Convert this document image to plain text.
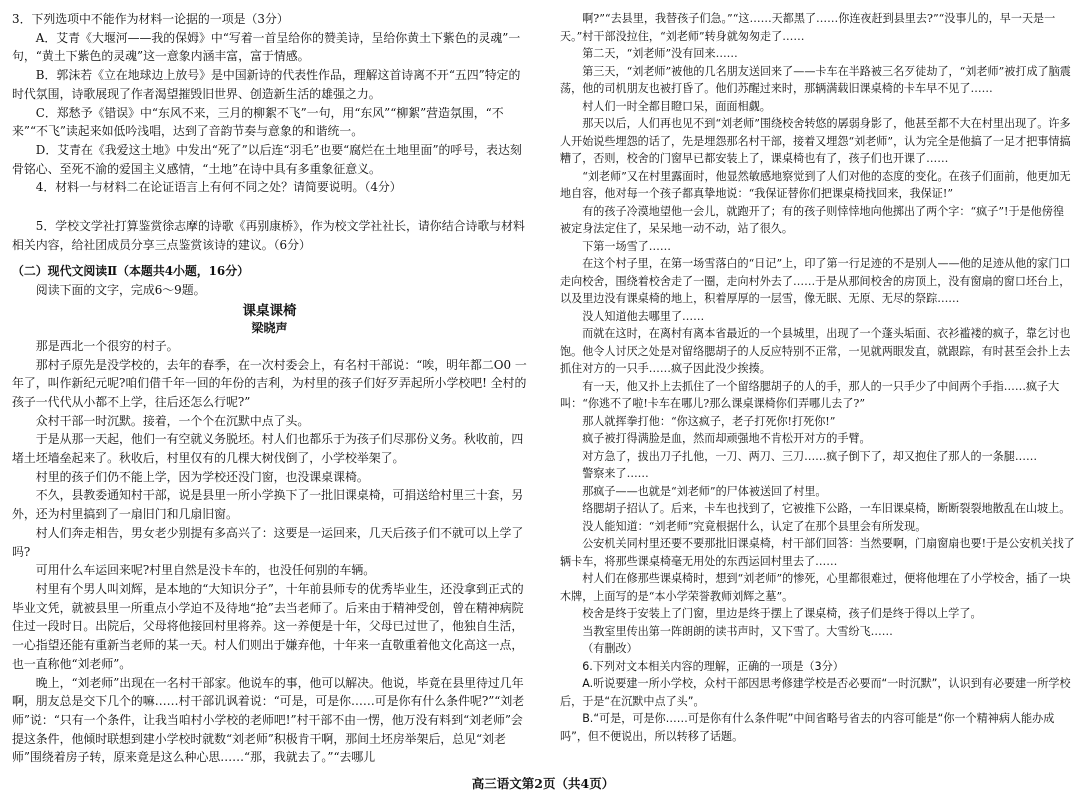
3．下列选项中不能作为材料一论据的一项是（3分）

A．艾青《大堰河——我的保姆》中“写着一首呈给你的赞美诗，呈给你黄土下紫色的灵魂”一句，“黄土下紫色的灵魂”这一意象内涵丰富，富于情感。

B．郭沫若《立在地球边上放号》是中国新诗的代表性作品，理解这首诗离不开“五四”特定的时代氛围，诗歌展现了作者渴望摧毁旧世界、创造新生活的雄强之力。

C．郑愁予《错误》中“东风不来，三月的柳絮不飞”一句，用“东风”“柳絮”营造氛围，“不来”“不飞”读起来如低吟浅唱，达到了音韵节奏与意象的和谐统一。

D．艾青在《我爱这土地》中发出“死了”以后连“羽毛”也要“腐烂在土地里面”的呼号，表达刻骨铭心、至死不渝的爱国主义感情，“土地”在诗中具有多重象征意义。

4．材料一与材料二在论证语言上有何不同之处？请简要说明。（4分）

5．学校文学社打算鉴赏徐志摩的诗歌《再别康桥》，作为校文学社社长，请你结合诗歌与材料相关内容，给社团成员分享三点鉴赏该诗的建议。（6分）

（二）现代文阅读Ⅱ（本题共4小题，16分）

阅读下面的文字，完成6～9题。

课桌课椅

梁晓声

那是西北一个很穷的村子。

那村子原先是没学校的，去年的春季，在一次村委会上，有名村干部说：“唉，明年都二O0 一年了，叫作新纪元呢?咱们借千年一回的年份的吉利，为村里的孩子们好歹弄起所小学校吧! 全村的孩子一代代从小都不上学，往后还怎么行呢?”

众村干部一时沉默。接着，一个个在沉默中点了头。

于是从那一天起，他们一有空就义务脱坯。村人们也都乐于为孩子们尽那份义务。秋收前，四堵土坯墙垒起来了。秋收后，村里仅有的几棵大树伐倒了，小学校举架了。

村里的孩子们仍不能上学，因为学校还没门窗，也没课桌课椅。

不久，县教委通知村干部，说是县里一所小学换下了一批旧课桌椅，可捐送给村里三十套，另外，还为村里搞到了一扇旧门和几扇旧窗。

村人们奔走相告，男女老少别提有多高兴了：这要是一运回来，几天后孩子们不就可以上学了吗?

可用什么车运回来呢?村里自然是没卡车的，也没任何别的车辆。

村里有个男人叫刘辉，是本地的“大知识分子”，十年前县师专的优秀毕业生，还没拿到正式的毕业文凭，就被县里一所重点小学迫不及待地“抢”去当老师了。后来由于精神受创，曾在精神病院住过一段时日。出院后，父母将他接回村里将养。这一养便是十年，父母已过世了，他独自生活，一心指望还能有重新当老师的某一天。村人们则出于嫌弃他，十年来一直敬重着他文化高这一点，也一直称他“刘老师”。

晚上，“刘老师”出现在一名村干部家。他说车的事，他可以解决。他说，毕竟在县里待过几年啊，朋友总是交下几个的嘛……村干部讥讽着说：“可是，可是你……可是你有什么条件呢?”“刘老师”说：“只有一个条件，让我当咱村小学校的老师吧!”村干部不由一愣，他万没有料到“刘老师”会提这条件，他倾时联想到建小学校时就数“刘老师”积极肯干啊，那间土坯房举架后，总见“刘老师”围绕着房子转，原来竟是这么种心思……“那，我就去了。”“去哪儿

啊?”“去县里，我替孩子们急。”“这……天都黑了……你连夜赶到县里去?”“没事儿的，早一天是一天。”村干部没拉住，“刘老师”转身就匆匆走了……

第二天，“刘老师”没有回来……

第三天，“刘老师”被他的几名朋友送回来了——卡车在半路被三名歹徒劫了，“刘老师”被打成了脑震荡，他的司机朋友也被打昏了。他们苏醒过来时，那辆满载旧课桌椅的卡车早不见了……

村人们一时全都目瞪口呆，面面相觑。

那天以后，人们再也见不到“刘老师”围绕校舍转悠的孱弱身影了，他甚至都不大在村里出现了。许多人开始说些埋怨的话了，先是埋怨那名村干部，接着又埋怨“刘老师”，认为完全是他搞了一足才把事情搞糟了，否则，校舍的门窗早已都安装上了，课桌椅也有了，孩子们也开课了……

“刘老师”又在村里露面时，他显然敏感地察觉到了人们对他的态度的变化。在孩子们面前，他更加无地自容，他对每一个孩子都真挚地说：“我保证替你们把课桌椅找回来，我保证!”

有的孩子冷漠地望他一会儿，就跑开了；有的孩子则悻悻地向他掷出了两个字：“疯子”!于是他傍徨被定身法定住了，呆呆地一动不动，站了很久。

下第一场雪了……

在这个村子里，在第一场雪落白的“日记”上，印了第一行足迹的不是别人——他的足迹从他的家门口走向校舍，围绕着校舍走了一圈，走向村外去了……于是从那间校舍的房顶上，没有窗扇的窗口坯台上，以及里边没有课桌椅的地上，积着厚厚的一层雪，像无眠、无原、无尽的祭踪……

没人知道他去哪里了……

而就在这时，在离村有离本省最近的一个县城里，出现了一个蓬头垢面、衣衫褴褛的疯子，靠乞讨也饱。他令人讨厌之处是对留络腮胡子的人反应特别不正常，一见就两眼发直，就跟踪，有时甚至会扑上去抓住对方的一只手……疯子因此没少挨揍。

有一天，他又扑上去抓住了一个留络腮胡子的人的手，那人的一只手少了中间两个手指……疯子大叫：“你逃不了啦!卡车在哪儿?那么课桌课椅你们弄哪儿去了?”

那人就挥拳打他：“你这疯子，老子打死你!打死你!”

疯子被打得满脸是血，然而却顽强地不肯松开对方的手臂。

对方急了，拔出刀子扎他，一刀、两刀、三刀……疯子倒下了，却又抱住了那人的一条腿……

警察来了……

那疯子——也就是“刘老师”的尸体被送回了村里。

络腮胡子招认了。后来，卡车也找到了，它被推下公路，一车旧课桌椅，断断裂裂地散乱在山坡上。

没人能知道：“刘老师”究竟根据什么，认定了在那个县里会有所发现。

公安机关同村里还要不要那批旧课桌椅，村干部们回答：当然要啊，门扇窗扇也要!于是公安机关找了辆卡车，将那些课桌椅毫无用处的东西运回村里去了……

村人们在修那些课桌椅时，想到“刘老师”的惨死，心里都很难过，便将他埋在了小学校舍，插了一块木牌，上面写的是“本小学荣誉教师刘辉之墓”。

校舍是终于安装上了门窗，里边是终于摆上了课桌椅，孩子们是终于得以上学了。

当教室里传出第一阵朗朗的读书声时，又下雪了。大雪纷飞……

（有删改）

6.下列对文本相关内容的理解，正确的一项是（3分）

A.听说要建一所小学校，众村干部因思考修建学校是否必要而“一时沉默”，认识到有必要建一所学校后，于是“在沉默中点了头”。

B.“可是，可是你……可是你有什么条件呢”中间省略号省去的内容可能是“你一个精神病人能办成吗”，但不便说出，所以转移了话题。

高三语文第2页（共4页）
